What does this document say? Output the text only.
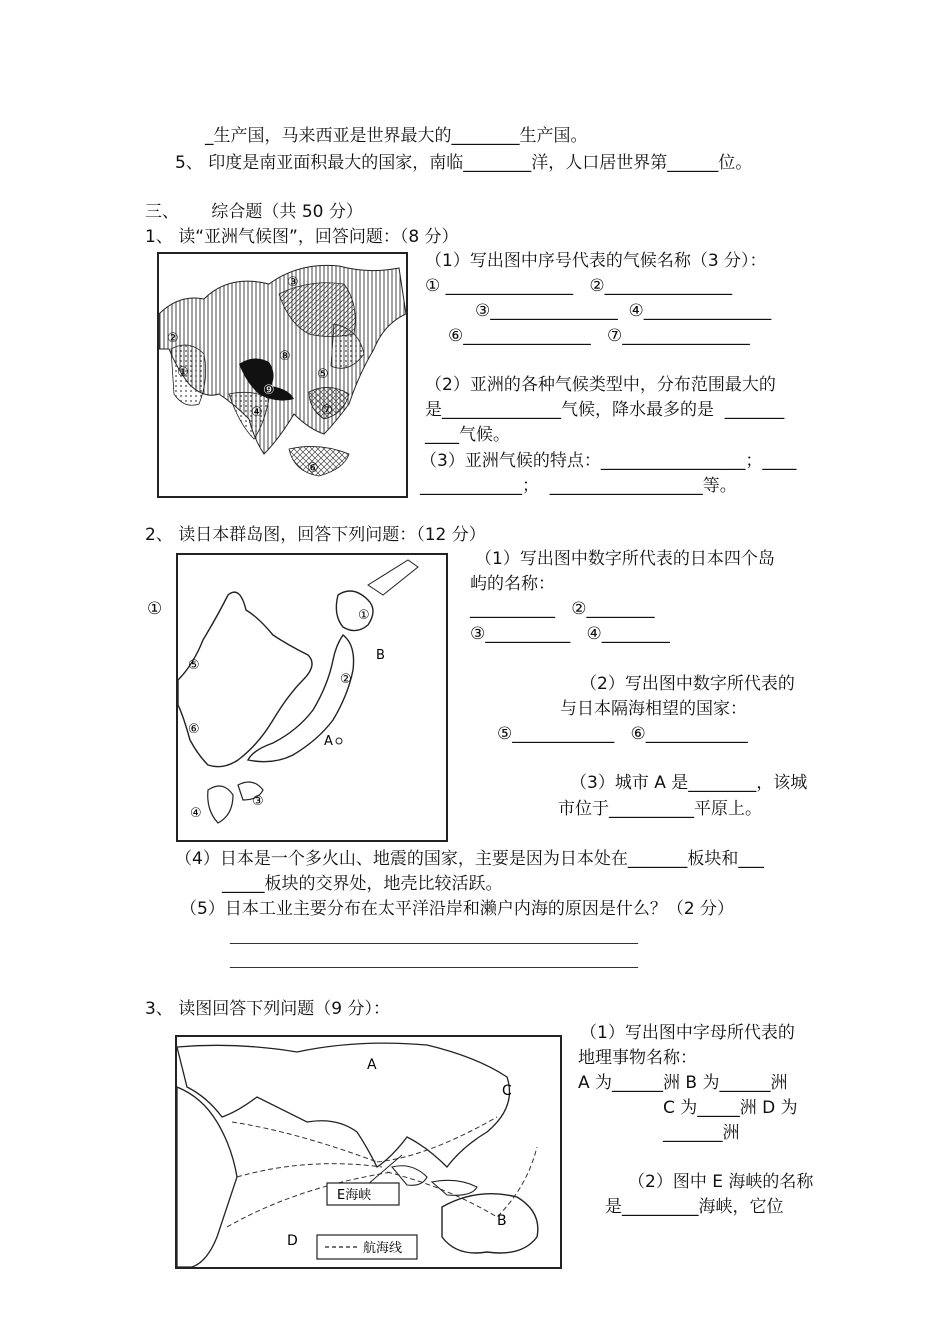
_生产国，马来西亚是世界最大的________生产国。
5、 印度是南亚面积最大的国家，南临________洋，人口居世界第______位。
三、      综合题（共 50 分）
1、 读“亚洲气候图”，回答问题：（8 分）
③
②
①
⑧
⑤
⑨
④	⑦
⑥
（1）写出图中序号代表的气候名称（3 分）：
① _______________   ②_______________
③_______________  ④_______________
⑥_______________   ⑦_______________
（2）亚洲的各种气候类型中，分布范围最大的
是______________气候，降水最多的是  _______
____气候。
（3）亚洲气候的特点：_________________；____
____________；  __________________等。
2、 读日本群岛图，回答下列问题：（12 分）
①	①
②
③
④
⑤
⑥
A
B
（1）写出图中数字所代表的日本四个岛
屿的名称：
__________   ②________
③__________   ④________
（2）写出图中数字所代表的
与日本隔海相望的国家：
⑤____________   ⑥____________
（3）城市 A 是________，该城
市位于__________平原上。
（4）日本是一个多火山、地震的国家，主要是因为日本处在_______板块和___
_____板块的交界处，地壳比较活跃。
（5）日本工业主要分布在太平洋沿岸和濑户内海的原因是什么？（2 分）
____________________________________________________________________
____________________________________________________________________
3、 读图回答下列问题（9 分）：
A
B
C
D
E海峡
航海线
（1）写出图中字母所代表的
地理事物名称：
A 为______洲 B 为______洲
C 为_____洲 D 为
_______洲
（2）图中 E 海峡的名称
是_________海峡，它位
